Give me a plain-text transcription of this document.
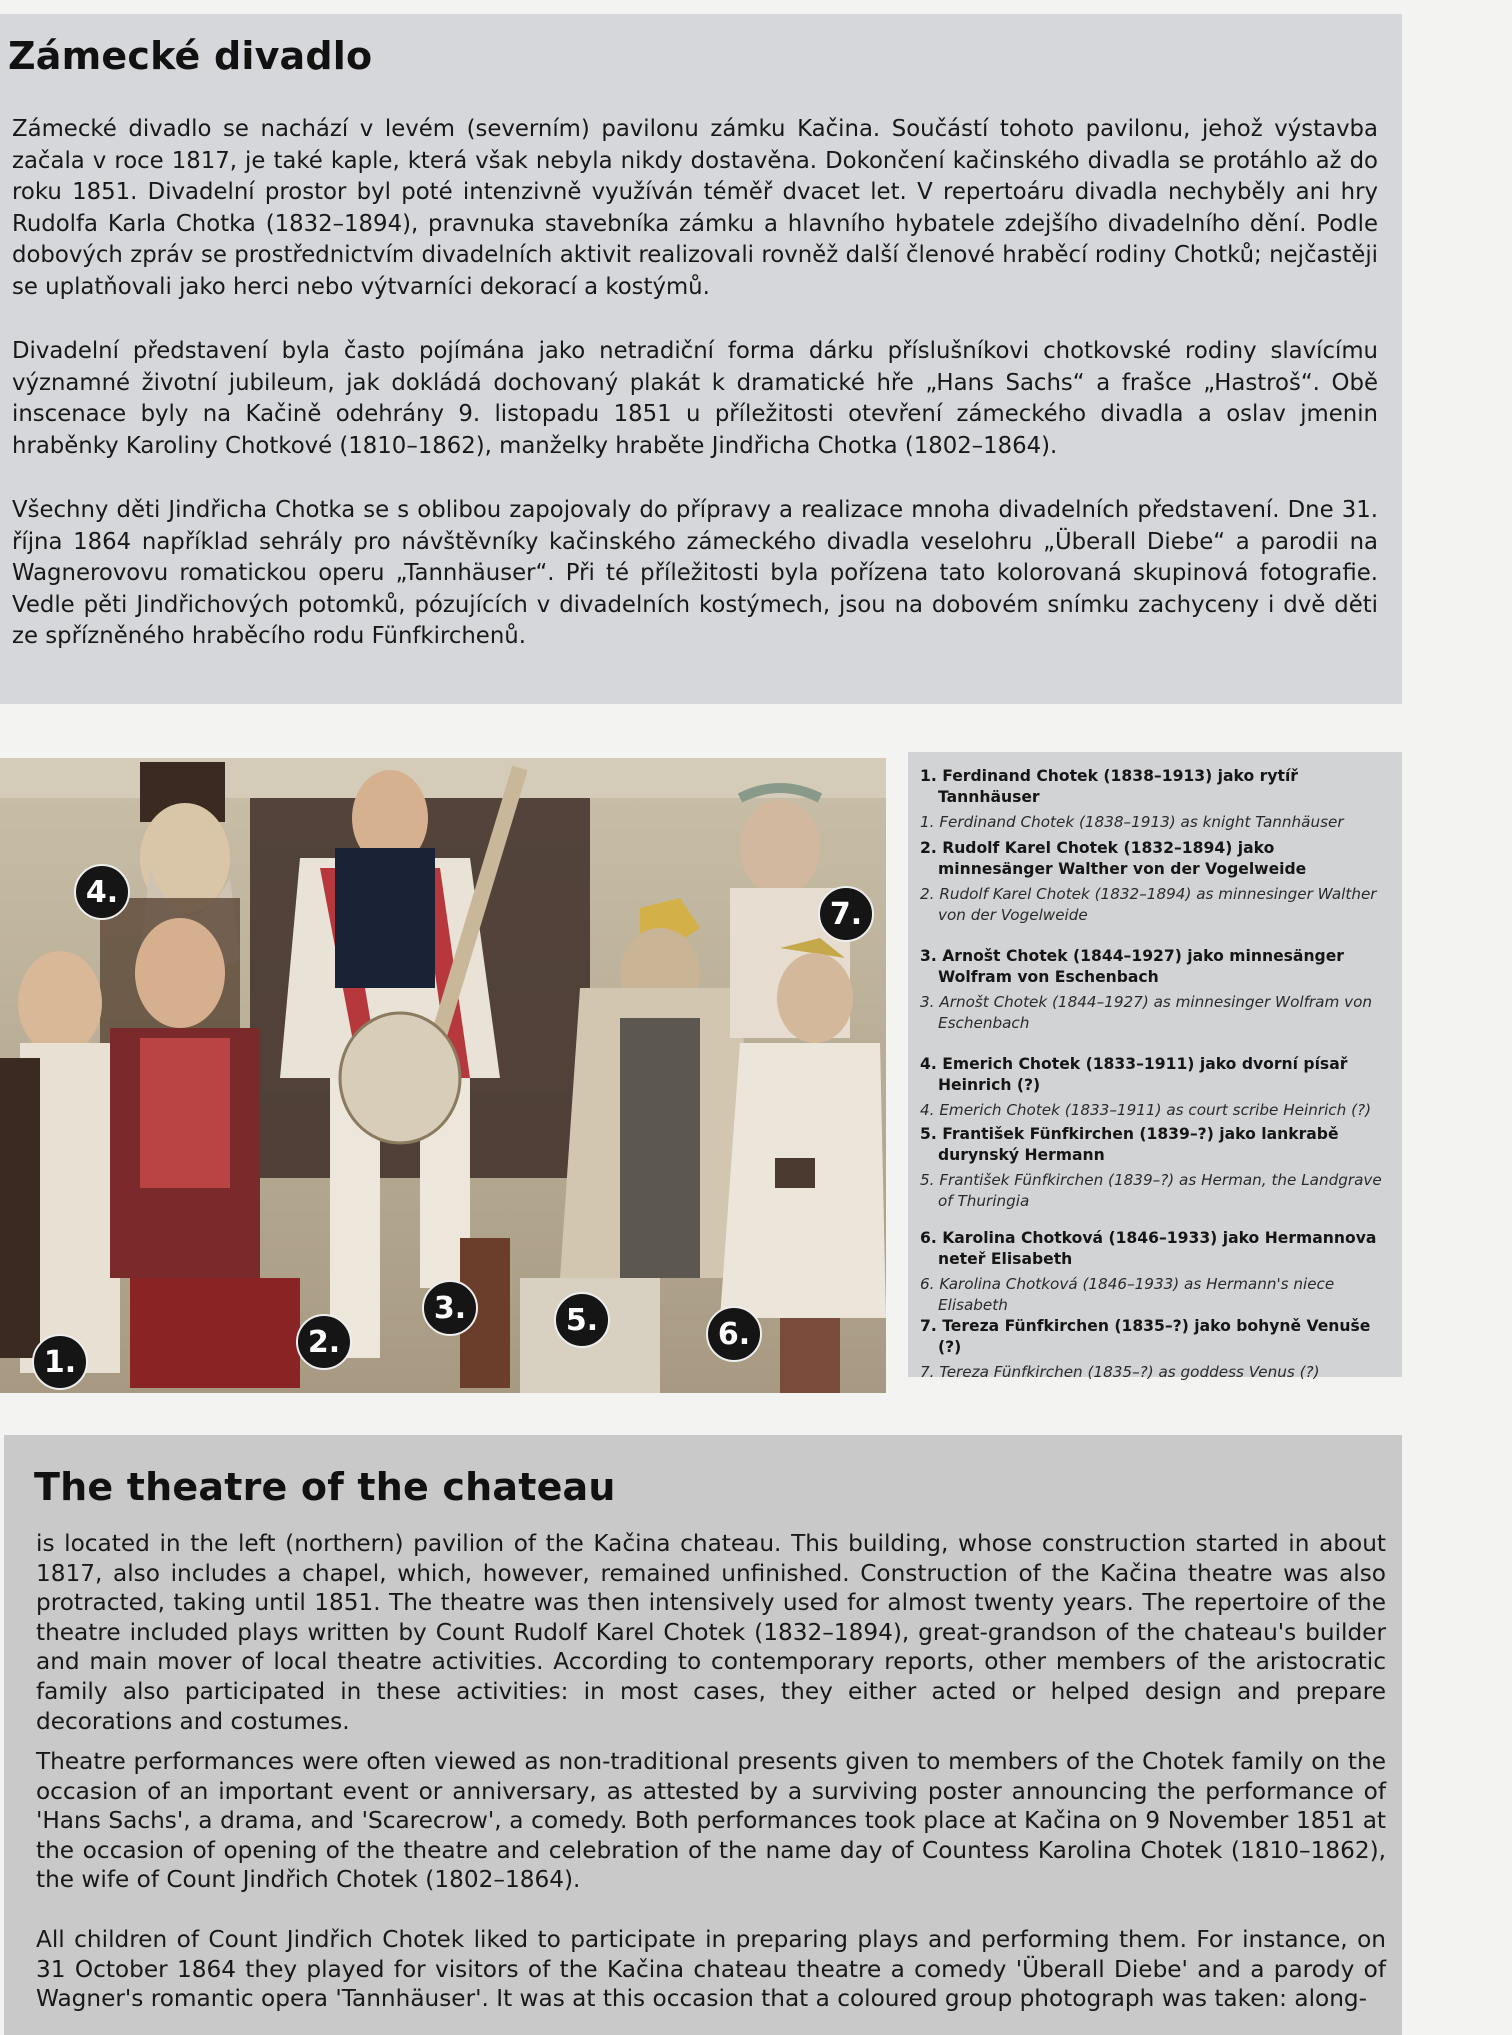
Zámecké divadlo

Zámecké divadlo se nachází v levém (severním) pavilonu zámku Kačina. Součástí tohoto pavilonu, jehož výstavba začala v roce 1817, je také kaple, která však nebyla nikdy dostavěna. Dokončení kačinského divadla se protáhlo až do roku 1851. Divadelní prostor byl poté intenzivně využíván téměř dvacet let. V repertoáru divadla nechyběly ani hry Rudolfa Karla Chotka (1832–1894), pravnuka stavebníka zámku a hlavního hybatele zdejšího divadelního dění. Podle dobových zpráv se prostřednictvím divadelních aktivit realizovali rovněž další členové hraběcí rodiny Chotků; nejčastěji se uplatňovali jako herci nebo výtvarníci dekorací a kostýmů.

Divadelní představení byla často pojímána jako netradiční forma dárku příslušníkovi chotkovské rodiny slavícímu významné životní jubileum, jak dokládá dochovaný plakát k dramatické hře „Hans Sachs“ a frašce „Hastroš“. Obě inscenace byly na Kačině odehrány 9. listopadu 1851 u příležitosti otevření zámeckého divadla a oslav jmenin hraběnky Karoliny Chotkové (1810–1862), manželky hraběte Jindřicha Chotka (1802–1864).

Všechny děti Jindřicha Chotka se s oblibou zapojovaly do přípravy a realizace mnoha divadelních představení. Dne 31. října 1864 například sehrály pro návštěvníky kačinského zámeckého divadla veselohru „Überall Diebe“ a parodii na Wagnerovovu romatickou operu „Tannhäuser“. Při té příležitosti byla pořízena tato kolorovaná skupinová fotografie. Vedle pěti Jindřichových potomků, pózujících v divadelních kostýmech, jsou na dobovém snímku zachyceny i dvě děti ze spřízněného hraběcího rodu Fünfkirchenů.

4.
7.
3.	5.	6.
2.
1.
1. Ferdinand Chotek (1838–1913) jako rytíř Tannhäuser
1. Ferdinand Chotek (1838–1913) as knight Tannhäuser
2. Rudolf Karel Chotek (1832–1894) jako minnesänger Walther von der Vogelweide
2. Rudolf Karel Chotek (1832–1894) as minnesinger Walther von der Vogelweide
3. Arnošt Chotek (1844–1927) jako minnesänger Wolfram von Eschenbach
3. Arnošt Chotek (1844–1927) as minnesinger Wolfram von Eschenbach
4. Emerich Chotek (1833–1911) jako dvorní písař Heinrich (?)
4. Emerich Chotek (1833–1911) as court scribe Heinrich (?)
5. František Fünfkirchen (1839–?) jako lankrabě durynský Hermann
5. František Fünfkirchen (1839–?) as Herman, the Landgrave of Thuringia
6. Karolina Chotková (1846–1933) jako Hermannova neteř Elisabeth
6. Karolina Chotková (1846–1933) as Hermann's niece Elisabeth
7. Tereza Fünfkirchen (1835–?) jako bohyně Venuše (?)
7. Tereza Fünfkirchen (1835–?) as goddess Venus (?)
The theatre of the chateau

is located in the left (northern) pavilion of the Kačina chateau. This building, whose construction started in about 1817, also includes a chapel, which, however, remained unfinished. Construction of the Kačina theatre was also protracted, taking until 1851. The theatre was then intensively used for almost twenty years. The repertoire of the theatre included plays written by Count Rudolf Karel Chotek (1832–1894), great-grandson of the chateau's builder and main mover of local theatre activities. According to contemporary reports, other members of the aristocratic family also participated in these activities: in most cases, they either acted or helped design and prepare decorations and costumes.

Theatre performances were often viewed as non-traditional presents given to members of the Chotek family on the occasion of an important event or anniversary, as attested by a surviving poster announcing the performance of 'Hans Sachs', a drama, and 'Scarecrow', a comedy. Both performances took place at Kačina on 9 November 1851 at the occasion of opening of the theatre and celebration of the name day of Countess Karolina Chotek (1810–1862), the wife of Count Jindřich Chotek (1802–1864).

All children of Count Jindřich Chotek liked to participate in preparing plays and performing them. For instance, on 31 October 1864 they played for visitors of the Kačina chateau theatre a comedy 'Überall Diebe' and a parody of Wagner's romantic opera 'Tannhäuser'. It was at this occasion that a coloured group photograph was taken: along-
